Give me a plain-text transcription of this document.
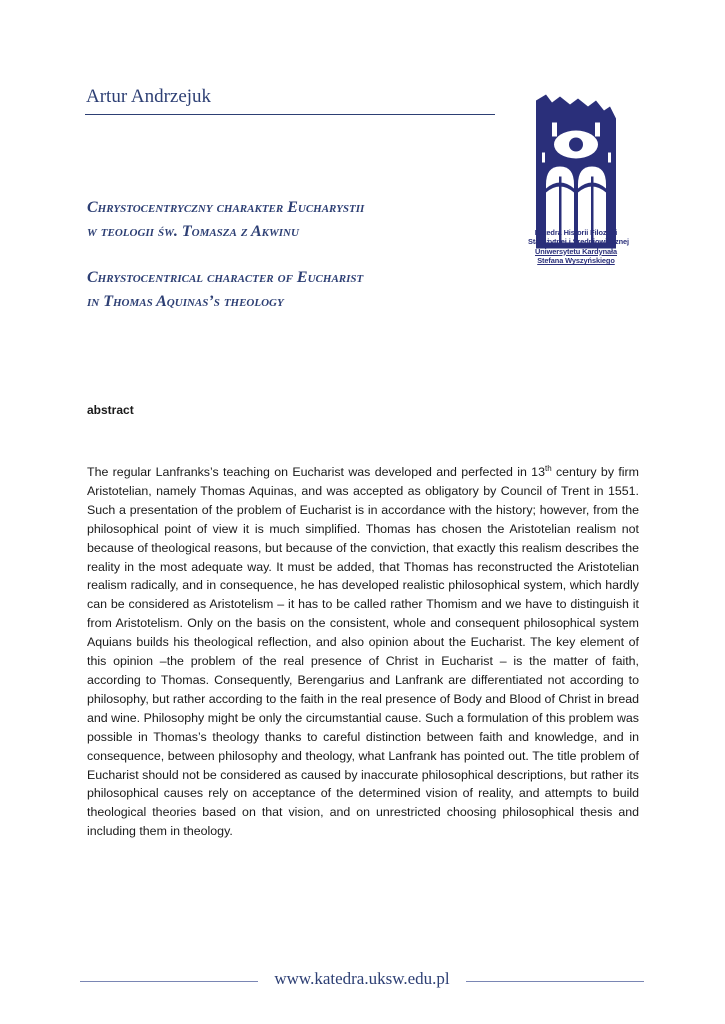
Artur Andrzejuk
Katedra Historii Filozofii
Starożytnej i Średniowiecznej
Uniwersytetu Kardynała
Stefana Wyszyńskiego
Chrystocentryczny charakter Eucharystii
w teologii św. Tomasza z Akwinu
Chrystocentrical character of Eucharist
in Thomas Aquinas’s theology
abstract
The regular Lanfranks’s teaching on Eucharist was developed and perfected in 13th century by firm Aristotelian, namely Thomas Aquinas, and was accepted as obligatory by Council of Trent in 1551. Such a presentation of the problem of Eucharist is in accordance with the history; however, from the philosophical point of view it is much simplified. Thomas has chosen the Aristotelian realism not because of theological reasons, but because of the conviction, that exactly this realism describes the reality in the most adequate way. It must be added, that Thomas has reconstructed the Aristotelian realism radically, and in consequence, he has developed realistic philosophical system, which hardly can be considered as Aristotelism – it has to be called rather Thomism and we have to distinguish it from Aristotelism. Only on the basis on the consistent, whole and consequent philosophical system Aquians builds his theological reflection, and also opinion about the Eucharist. The key element of this opinion –the problem of the real presence of Christ in Eucharist – is the matter of faith, according to Thomas. Consequently, Berengarius and Lanfrank are differentiated not according to philosophy, but rather according to the faith in the real presence of Body and Blood of Christ in bread and wine. Philosophy might be only the circumstantial cause. Such a formulation of this problem was possible in Thomas’s theology thanks to careful distinction between faith and knowledge, and in consequence, between philosophy and theology, what Lanfrank has pointed out. The title problem of Eucharist should not be considered as caused by inaccurate philosophical descriptions, but rather its philosophical causes rely on acceptance of the determined vision of reality, and attempts to build theological theories based on that vision, and on unrestricted choosing philosophical thesis and including them in theology.
www.katedra.uksw.edu.pl
